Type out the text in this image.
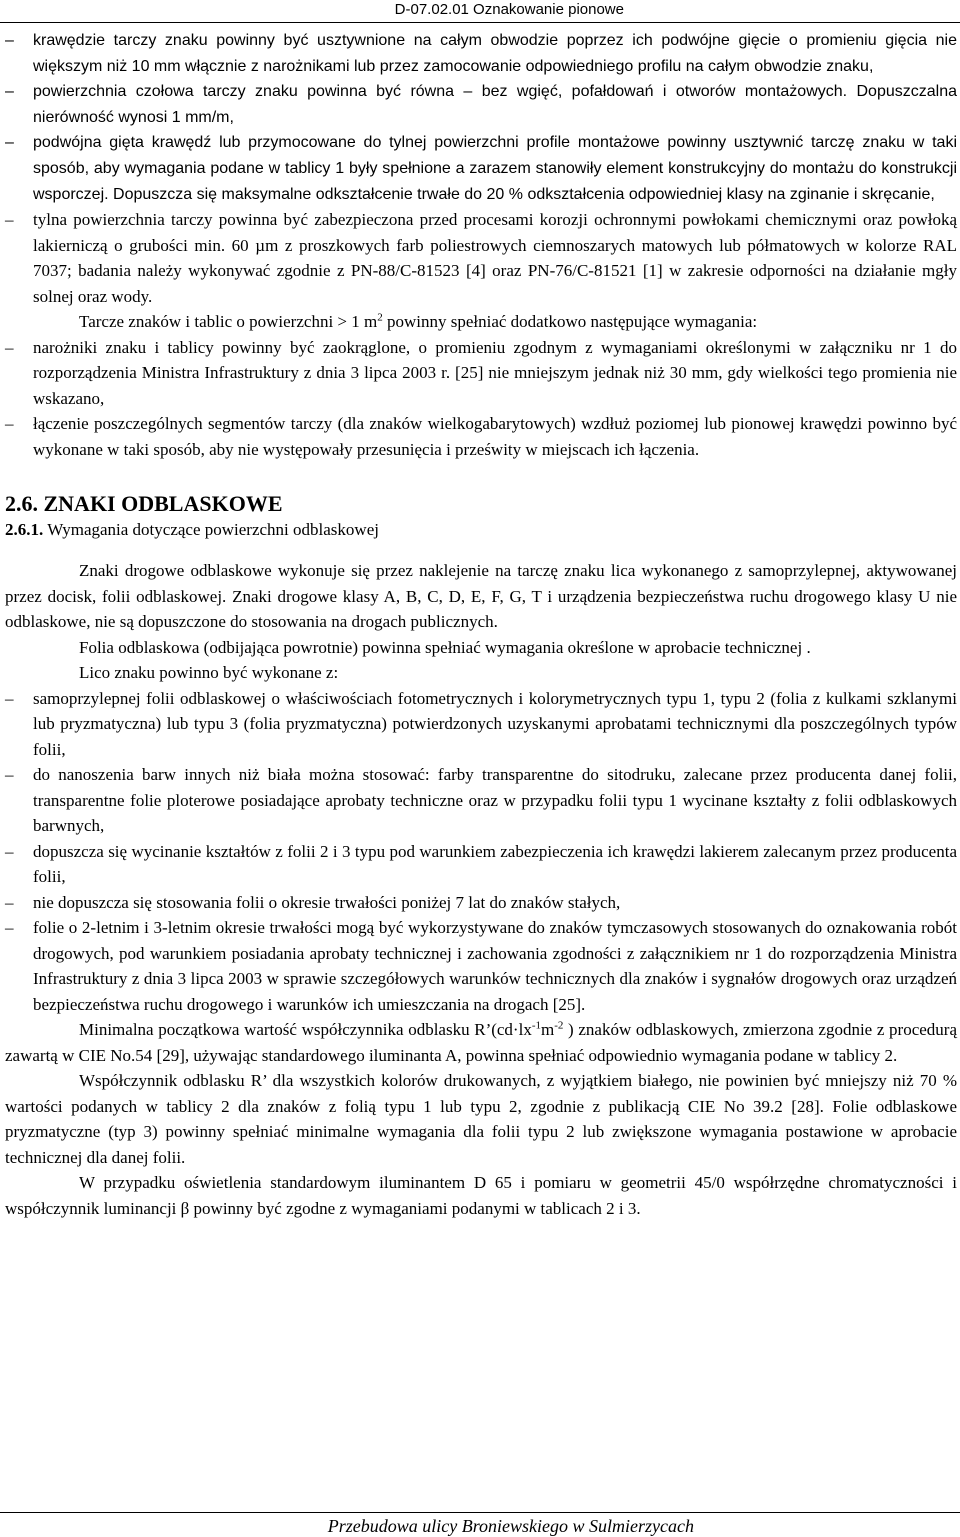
D-07.02.01 Oznakowanie pionowe
–	krawędzie tarczy znaku powinny być usztywnione na całym obwodzie poprzez ich podwójne gięcie o promieniu gięcia nie większym niż 10 mm włącznie z narożnikami lub przez zamocowanie odpowiedniego profilu na całym obwodzie znaku,
–	powierzchnia czołowa tarczy znaku powinna być równa – bez wgięć, pofałdowań i otworów montażowych. Dopuszczalna nierówność wynosi 1 mm/m,
–	podwójna gięta krawędź lub przymocowane do tylnej powierzchni profile montażowe powinny usztywnić tarczę znaku w taki sposób, aby wymagania podane w tablicy 1 były spełnione a zarazem stanowiły element konstrukcyjny do montażu do konstrukcji wsporczej. Dopuszcza się maksymalne odkształcenie trwałe do 20 % odkształcenia odpowiedniej klasy na zginanie i skręcanie,
–	tylna powierzchnia tarczy powinna być zabezpieczona przed procesami korozji ochronnymi powłokami chemicznymi oraz powłoką lakierniczą o grubości min. 60 µm z proszkowych farb poliestrowych ciemnoszarych matowych lub półmatowych w kolorze RAL 7037; badania należy wykonywać zgodnie z PN-88/C-81523 [4] oraz PN-76/C-81521 [1] w zakresie odporności na działanie mgły solnej oraz wody.
Tarcze znaków i tablic o powierzchni > 1 $m^2$ powinny spełniać dodatkowo następujące wymagania:
–	narożniki znaku i tablicy powinny być zaokrąglone, o promieniu zgodnym z wymaganiami określonymi w załączniku nr 1 do rozporządzenia Ministra Infrastruktury z dnia 3 lipca 2003 r. [25] nie mniejszym jednak niż 30 mm, gdy wielkości tego promienia nie wskazano,
–	łączenie poszczególnych segmentów tarczy (dla znaków wielkogabarytowych) wzdłuż poziomej lub pionowej krawędzi powinno być wykonane w taki sposób, aby nie występowały przesunięcia i prześwity w miejscach ich łączenia.
2.6. ZNAKI ODBLASKOWE
2.6.1. Wymagania dotyczące powierzchni odblaskowej
Znaki drogowe odblaskowe wykonuje się przez naklejenie na tarczę znaku lica wykonanego z samoprzylepnej, aktywowanej przez docisk, folii odblaskowej. Znaki drogowe klasy A, B, C, D, E, F, G, T i urządzenia bezpieczeństwa ruchu drogowego klasy U nie odblaskowe, nie są dopuszczone do stosowania na drogach publicznych.
Folia odblaskowa (odbijająca powrotnie) powinna spełniać wymagania określone w aprobacie technicznej .
Lico znaku powinno być wykonane z:
–	samoprzylepnej folii odblaskowej o właściwościach fotometrycznych i kolorymetrycznych typu 1, typu 2 (folia z kulkami szklanymi lub pryzmatyczna) lub typu 3 (folia pryzmatyczna) potwierdzonych uzyskanymi aprobatami technicznymi dla poszczególnych typów folii,
–	do nanoszenia barw innych niż biała można stosować: farby transparentne do sitodruku, zalecane przez producenta danej folii, transparentne folie ploterowe posiadające aprobaty techniczne oraz w przypadku folii typu 1 wycinane kształty z folii odblaskowych barwnych,
–	dopuszcza się wycinanie kształtów z folii 2 i 3 typu pod warunkiem zabezpieczenia ich krawędzi lakierem zalecanym przez producenta folii,
–	nie dopuszcza się stosowania folii o okresie trwałości poniżej 7 lat do znaków stałych,
–	folie o 2-letnim i 3-letnim okresie trwałości mogą być wykorzystywane do znaków tymczasowych stosowanych do oznakowania robót drogowych, pod warunkiem posiadania aprobaty technicznej i zachowania zgodności z załącznikiem nr 1 do rozporządzenia Ministra Infrastruktury z dnia 3 lipca 2003 w sprawie szczegółowych warunków technicznych dla znaków i sygnałów drogowych oraz urządzeń bezpieczeństwa ruchu drogowego i warunków ich umieszczania na drogach [25].
Minimalna początkowa wartość współczynnika odblasku $R’(cd\cdot lx^{-1}m^{-2}$ ) znaków odblaskowych, zmierzona zgodnie z procedurą zawartą w CIE No.54 [29], używając standardowego iluminanta A, powinna spełniać odpowiednio wymagania podane w tablicy 2.
Współczynnik odblasku R’ dla wszystkich kolorów drukowanych, z wyjątkiem białego, nie powinien być mniejszy niż 70 % wartości podanych w tablicy 2 dla znaków z folią typu 1 lub typu 2, zgodnie z publikacją CIE No 39.2 [28]. Folie odblaskowe pryzmatyczne (typ 3) powinny spełniać minimalne wymagania dla folii typu 2 lub zwiększone wymagania postawione w aprobacie technicznej dla danej folii.
W przypadku oświetlenia standardowym iluminantem D 65 i pomiaru w geometrii 45/0 współrzędne chromatyczności i współczynnik luminancji β powinny być zgodne z wymaganiami podanymi w tablicach 2 i 3.
Przebudowa ulicy Broniewskiego w Sulmierzycach
